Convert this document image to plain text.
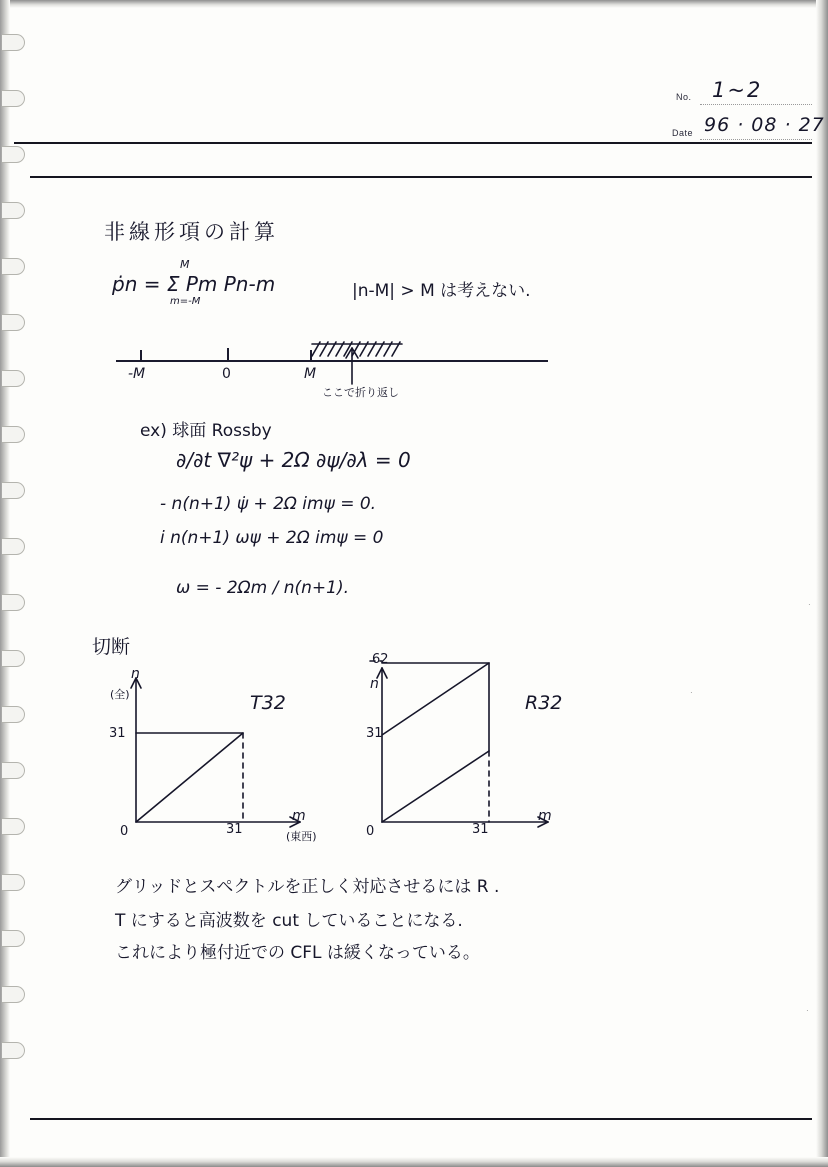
No. 1~2
Date 96 · 08 · 27
非線形項の計算
ṗn = Σ Pm Pn-m
M
m=-M
|n-M| > M は考えない.
-M	0	M
ここで折り返し
ex) 球面 Rossby
∂/∂t ∇²ψ + 2Ω ∂ψ/∂λ = 0
- n(n+1) ψ̇ + 2Ω imψ = 0.
i n(n+1) ωψ + 2Ω imψ = 0
ω = - 2Ωm / n(n+1).
切断
n
(全)	T32
31
0	31
m
(東西)
62
n
R32
31
0	31
m
グリッドとスペクトルを正しく対応させるには R .
T にすると高波数を cut していることになる.
これにより極付近での CFL は緩くなっている。
·
·
·
